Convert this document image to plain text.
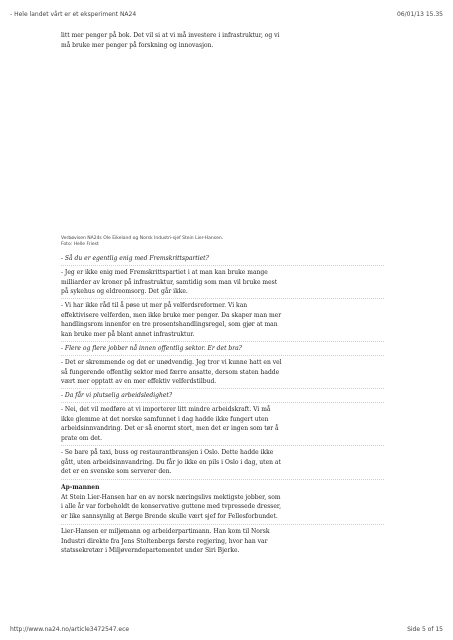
- Hele landet vårt er et eksperiment NA24	06/01/13 15.35

litt mer penger på bok. Det vil si at vi må investere i infrastruktur, og vi
må bruke mer penger på forskning og innovasjon.

Verbøvisen NA24s Ole Eikeland og Norsk Industri-sjef Stein Lier-Hansen.
Foto: Helle Friest

- Så du er egentlig enig med Fremskrittspartiet?

- Jeg er ikke enig med Fremskrittspartiet i at man kan bruke mange
milliarder av kroner på infrastruktur, samtidig som man vil bruke mest
på sykehus og eldreomsorg. Det går ikke.

- Vi har ikke råd til å pøse ut mer på velferdsreformer. Vi kan
effektivisere velferden, men ikke bruke mer penger. Da skaper man mer
handlingsrom innenfor en tre prosentshandlingsregel, som gjør at man
kan bruke mer på blant annet infrastruktur.

- Flere og flere jobber nå innen offentlig sektor. Er det bra?

- Det er skremmende og det er unødvendig. Jeg tror vi kunne hatt en vel
så fungerende offentlig sektor med færre ansatte, dersom staten hadde
vært mer opptatt av en mer effektiv velferdstilbud.

- Da får vi plutselig arbeidsledighet?

- Nei, det vil medføre at vi importerer litt mindre arbeidskraft. Vi må
ikke glemme at det norske samfunnet i dag hadde ikke fungert uten
arbeidsinnvandring. Det er så enormt stort, men det er ingen som tør å
prate om det.

- Se bare på taxi, buss og restaurantbransjen i Oslo. Dette hadde ikke
gått, uten arbeidsinnvandring. Du får jo ikke en pils i Oslo i dag, uten at
det er en svenske som serverer den.

Ap-mannen
At Stein Lier-Hansen har en av norsk næringslivs mektigste jobber, som
i alle år var forbeholdt de konservative guttene med tvpressede dresser,
er like sannsynlig at Børge Brende skulle vært sjef for Fellesforbundet.

Lier-Hansen er miljømann og arbeiderpartimann. Han kom til Norsk
Industri direkte fra Jens Stoltenbergs første regjering, hvor han var
statssekretær i Miljøverndepartementet under Siri Bjerke.

http://www.na24.no/article3472547.ece	Side 5 of 15
